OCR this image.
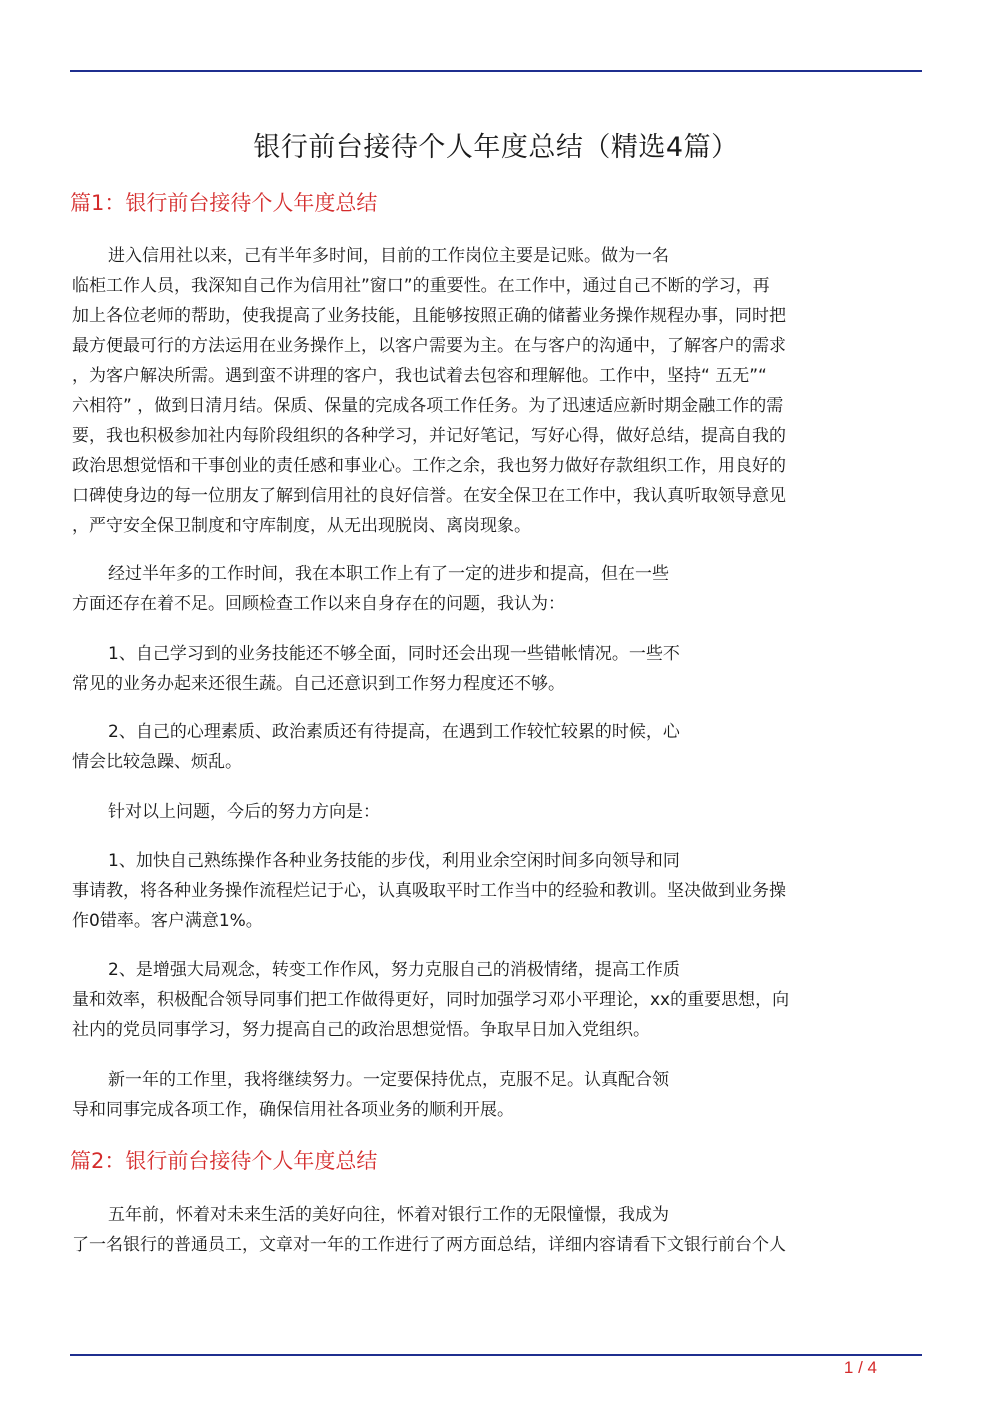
银行前台接待个人年度总结（精选4篇）
篇1：银行前台接待个人年度总结
进入信用社以来，己有半年多时间，目前的工作岗位主要是记账。做为一名
临柜工作人员，我深知自己作为信用社”窗口”的重要性。在工作中，通过自己不断的学习，再
加上各位老师的帮助，使我提高了业务技能，且能够按照正确的储蓄业务操作规程办事，同时把
最方便最可行的方法运用在业务操作上，以客户需要为主。在与客户的沟通中，了解客户的需求
，为客户解决所需。遇到蛮不讲理的客户，我也试着去包容和理解他。工作中，坚持“ 五无”“
六相符” ，做到日清月结。保质、保量的完成各项工作任务。为了迅速适应新时期金融工作的需
要，我也积极参加社内每阶段组织的各种学习，并记好笔记，写好心得，做好总结，提高自我的
政治思想觉悟和干事创业的责任感和事业心。工作之余，我也努力做好存款组织工作，用良好的
口碑使身边的每一位朋友了解到信用社的良好信誉。在安全保卫在工作中，我认真听取领导意见
，严守安全保卫制度和守库制度，从无出现脱岗、离岗现象。
经过半年多的工作时间，我在本职工作上有了一定的进步和提高，但在一些
方面还存在着不足。回顾检查工作以来自身存在的问题，我认为：
1、自己学习到的业务技能还不够全面，同时还会出现一些错帐情况。一些不
常见的业务办起来还很生蔬。自己还意识到工作努力程度还不够。
2、自己的心理素质、政治素质还有待提高，在遇到工作较忙较累的时候，心
情会比较急躁、烦乱。
针对以上问题，今后的努力方向是：
1、加快自己熟练操作各种业务技能的步伐，利用业余空闲时间多向领导和同
事请教，将各种业务操作流程烂记于心，认真吸取平时工作当中的经验和教训。坚决做到业务操
作0错率。客户满意1%。
2、是增强大局观念，转变工作作风，努力克服自己的消极情绪，提高工作质
量和效率，积极配合领导同事们把工作做得更好，同时加强学习邓小平理论，xx的重要思想，向
社内的党员同事学习，努力提高自己的政治思想觉悟。争取早日加入党组织。
新一年的工作里，我将继续努力。一定要保持优点，克服不足。认真配合领
导和同事完成各项工作，确保信用社各项业务的顺利开展。
篇2：银行前台接待个人年度总结
五年前，怀着对未来生活的美好向往，怀着对银行工作的无限憧憬，我成为
了一名银行的普通员工，文章对一年的工作进行了两方面总结，详细内容请看下文银行前台个人
1 / 4
